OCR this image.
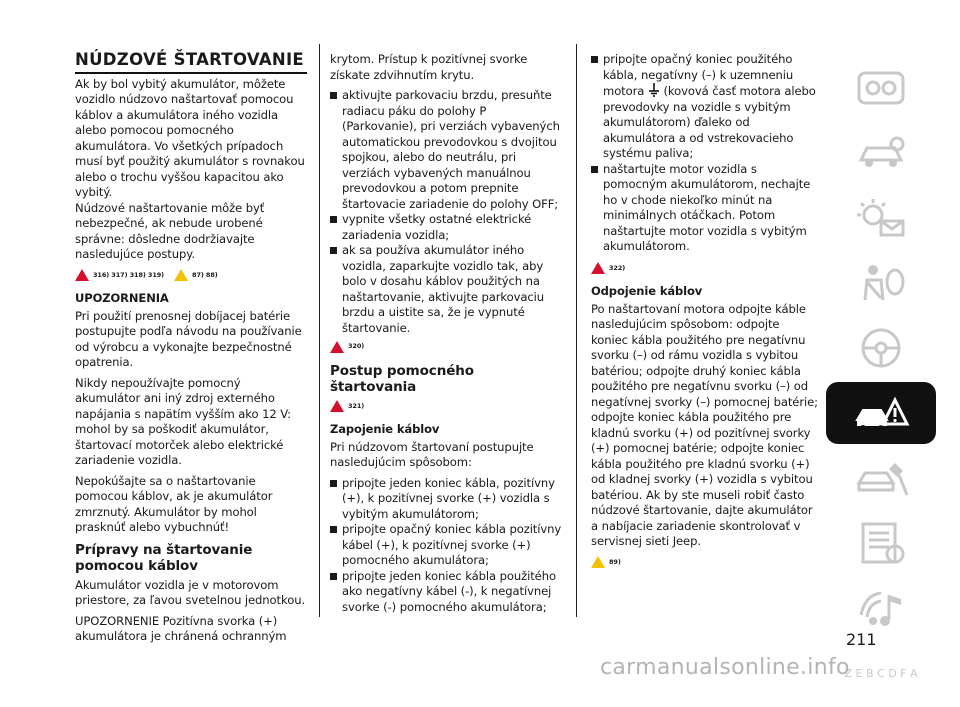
NÚDZOVÉ ŠTARTOVANIE

Ak by bol vybitý akumulátor, môžete vozidlo núdzovo naštartovať pomocou káblov a akumulátora iného vozidla alebo pomocou pomocného akumulátora. Vo všetkých prípadoch musí byť použitý akumulátor s rovnakou alebo o trochu vyššou kapacitou ako vybitý.

Núdzové naštartovanie môže byť nebezpečné, ak nebude urobené správne: dôsledne dodržiavajte nasledujúce postupy.

316) 317) 318) 319)	87) 88)
UPOZORNENIA

Pri použití prenosnej dobíjacej batérie postupujte podľa návodu na používanie od výrobcu a vykonajte bezpečnostné opatrenia.

Nikdy nepoužívajte pomocný akumulátor ani iný zdroj externého napájania s napätím vyšším ako 12 V: mohol by sa poškodiť akumulátor, štartovací motorček alebo elektrické zariadenie vozidla.

Nepokúšajte sa o naštartovanie pomocou káblov, ak je akumulátor zmrznutý. Akumulátor by mohol prasknúť alebo vybuchnúť!

Prípravy na štartovanie pomocou káblov

Akumulátor vozidla je v motorovom priestore, za ľavou svetelnou jednotkou.

UPOZORNENIE Pozitívna svorka (+) akumulátora je chránená ochranným

krytom. Prístup k pozitívnej svorke získate zdvihnutím krytu.

aktivujte parkovaciu brzdu, presuňte radiacu páku do polohy P (Parkovanie), pri verziách vybavených automatickou prevodovkou s dvojitou spojkou, alebo do neutrálu, pri verziách vybavených manuálnou prevodovkou a potom prepnite štartovacie zariadenie do polohy OFF;
vypnite všetky ostatné elektrické zariadenia vozidla;
ak sa používa akumulátor iného vozidla, zaparkujte vozidlo tak, aby bolo v dosahu káblov použitých na naštartovanie, aktivujte parkovaciu brzdu a uistite sa, že je vypnuté štartovanie.
320)
Postup pomocného štartovania
321)
Zapojenie káblov

Pri núdzovom štartovaní postupujte nasledujúcim spôsobom:

pripojte jeden koniec kábla, pozitívny (+), k pozitívnej svorke (+) vozidla s vybitým akumulátorom;
pripojte opačný koniec kábla pozitívny kábel (+), k pozitívnej svorke (+) pomocného akumulátora;
pripojte jeden koniec kábla použitého ako negatívny kábel (-), k negatívnej svorke (-) pomocného akumulátora;
pripojte opačný koniec použitého kábla, negatívny (–) k uzemneniu motora (kovová časť motora alebo prevodovky na vozidle s vybitým akumulátorom) ďaleko od akumulátora a od vstrekovacieho systému paliva;
naštartujte motor vozidla s pomocným akumulátorom, nechajte ho v chode niekoľko minút na minimálnych otáčkach. Potom naštartujte motor vozidla s vybitým akumulátorom.
322)
Odpojenie káblov

Po naštartovaní motora odpojte káble nasledujúcim spôsobom: odpojte koniec kábla použitého pre negatívnu svorku (–) od rámu vozidla s vybitou batériou; odpojte druhý koniec kábla použitého pre negatívnu svorku (–) od negatívnej svorky (–) pomocnej batérie; odpojte koniec kábla použitého pre kladnú svorku (+) od pozitívnej svorky (+) pomocnej batérie; odpojte koniec kábla použitého pre kladnú svorku (+) od kladnej svorky (+) vozidla s vybitou batériou. Ak by ste museli robiť často núdzové štartovanie, dajte akumulátor a nabíjacie zariadenie skontrolovať v servisnej sieti Jeep.

89)
Z E B C D F A
211
carmanualsonline.info
